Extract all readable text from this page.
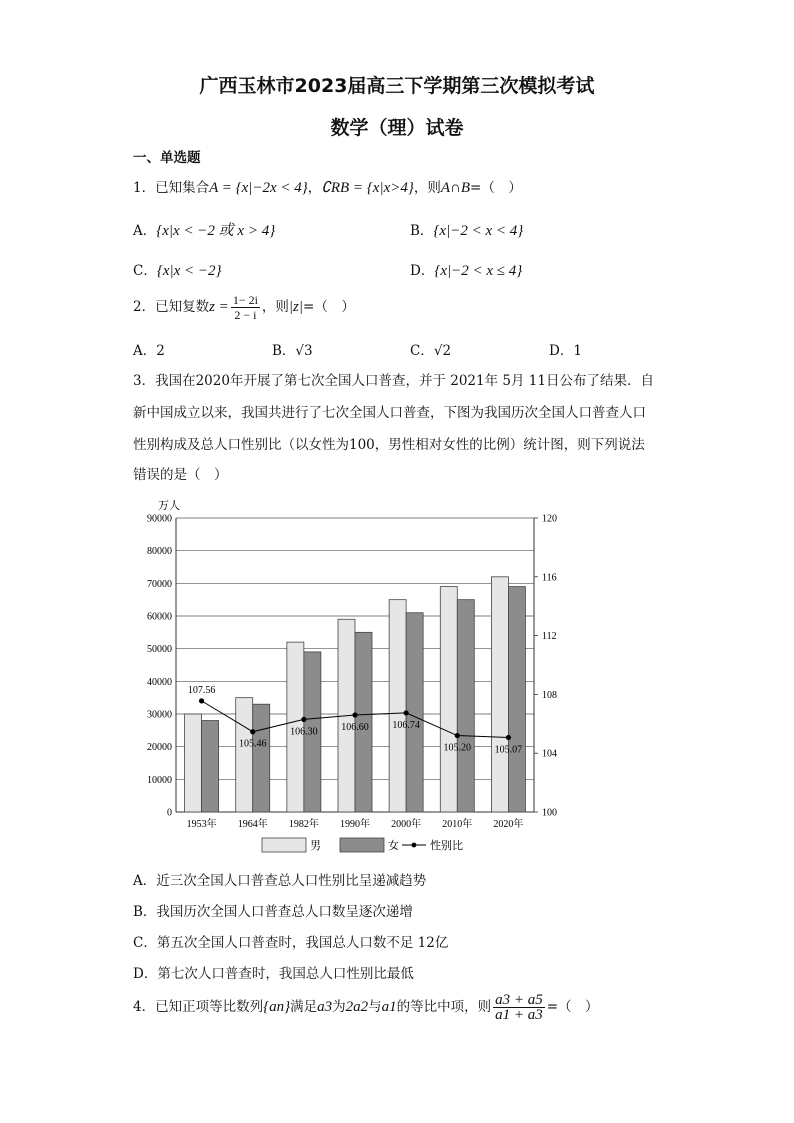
广西玉林市2023届高三下学期第三次模拟考试
数学（理）试卷
一、单选题
1．已知集合A = {x|−2x < 4}，∁RB = {x|x>4}，则A∩B=（　）
A．{x|x < −2 或 x > 4}	B．{x|−2 < x < 4}
C．{x|x < −2}	D．{x|−2 < x ≤ 4}
2．已知复数$z = \frac{1- 2i}{2 - i}$ ，则|z|=（　）
A．2	B．√3	C．√2	D．1
3．我国在2020年开展了第七次全国人口普查，并于 2021年 5月 11日公布了结果．自
新中国成立以来，我国共进行了七次全国人口普查，下图为我国历次全国人口普查人口
性别构成及总人口性别比（以女性为100，男性相对女性的比例）统计图，则下列说法
错误的是（　）
万人
0
10000
20000
30000
40000
50000
60000
70000
80000
90000
100
104
108
112
116
120
1953年 1964年 1982年 1990年 2000年 2010年 2020年
107.56
105.46
106.30 106.60 106.74
105.20 105.07
男	女	性别比
A．近三次全国人口普查总人口性别比呈递减趋势
B．我国历次全国人口普查总人口数呈逐次递增
C．第五次全国人口普查时，我国总人口数不足 12亿
D．第七次人口普查时，我国总人口性别比最低
4．已知正项等比数列{an}满足a3为2a2与a1的等比中项，则 $\frac{a3 + a5}{a1 + a3}$ =（　）
